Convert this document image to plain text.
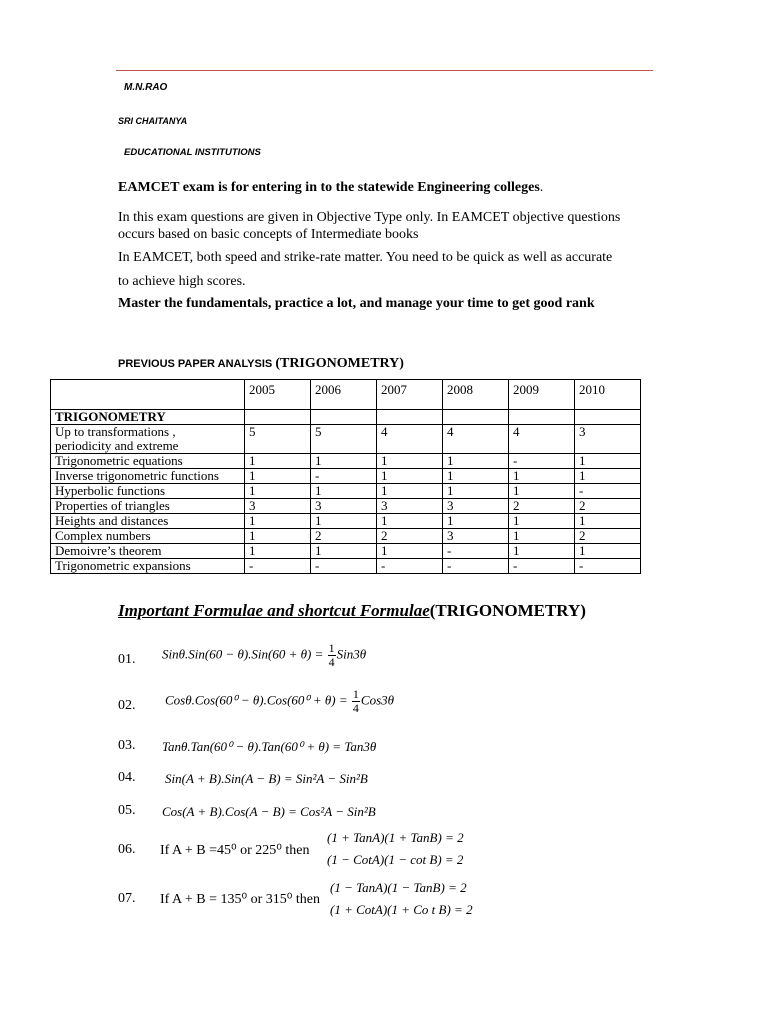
M.N.RAO
SRI CHAITANYA
EDUCATIONAL INSTITUTIONS
EAMCET exam is for entering in to the statewide Engineering colleges.
In this exam questions are given in Objective Type only. In EAMCET objective questions occurs based on basic concepts of Intermediate books
In EAMCET, both speed and strike-rate matter. You need to be quick as well as accurate
to achieve high scores.
Master the fundamentals, practice a lot, and manage your time to get good rank
PREVIOUS PAPER ANALYSIS (TRIGONOMETRY)
	2005	2006	2007	2008	2009	2010
TRIGONOMETRY						
Up to transformations ,
periodicity and extreme	5	5	4	4	4	3
Trigonometric equations	1	1	1	1	-	1
Inverse trigonometric functions	1	-	1	1	1	1
Hyperbolic functions	1	1	1	1	1	-
Properties of triangles	3	3	3	3	2	2
Heights and distances	1	1	1	1	1	1
Complex numbers	1	2	2	3	1	2
Demoivre’s theorem	1	1	1	-	1	1
Trigonometric expansions	-	-	-	-	-	-
Important Formulae and shortcut Formulae(TRIGONOMETRY)
01. $Sin\theta.Sin(60 - \theta).Sin(60 + \theta) = \frac{1}{4} Sin3\theta$
02. $Cos\theta.Cos(60^0 - \theta).Cos(60^0 + \theta) = \frac{1}{4} Cos3\theta$
03. Tanθ.Tan(60⁰ − θ).Tan(60⁰ + θ) = Tan3θ
04. Sin(A + B).Sin(A − B) = Sin²A − Sin²B
05. Cos(A + B).Cos(A − B) = Cos²A − Sin²B
06. If A + B =45⁰ or 225⁰ then
(1 + TanA)(1 + TanB) = 2
(1 − CotA)(1 − cot B) = 2
07. If A + B = 135⁰ or 315⁰ then
(1 − TanA)(1 − TanB) = 2
(1 + CotA)(1 + Co t B) = 2
